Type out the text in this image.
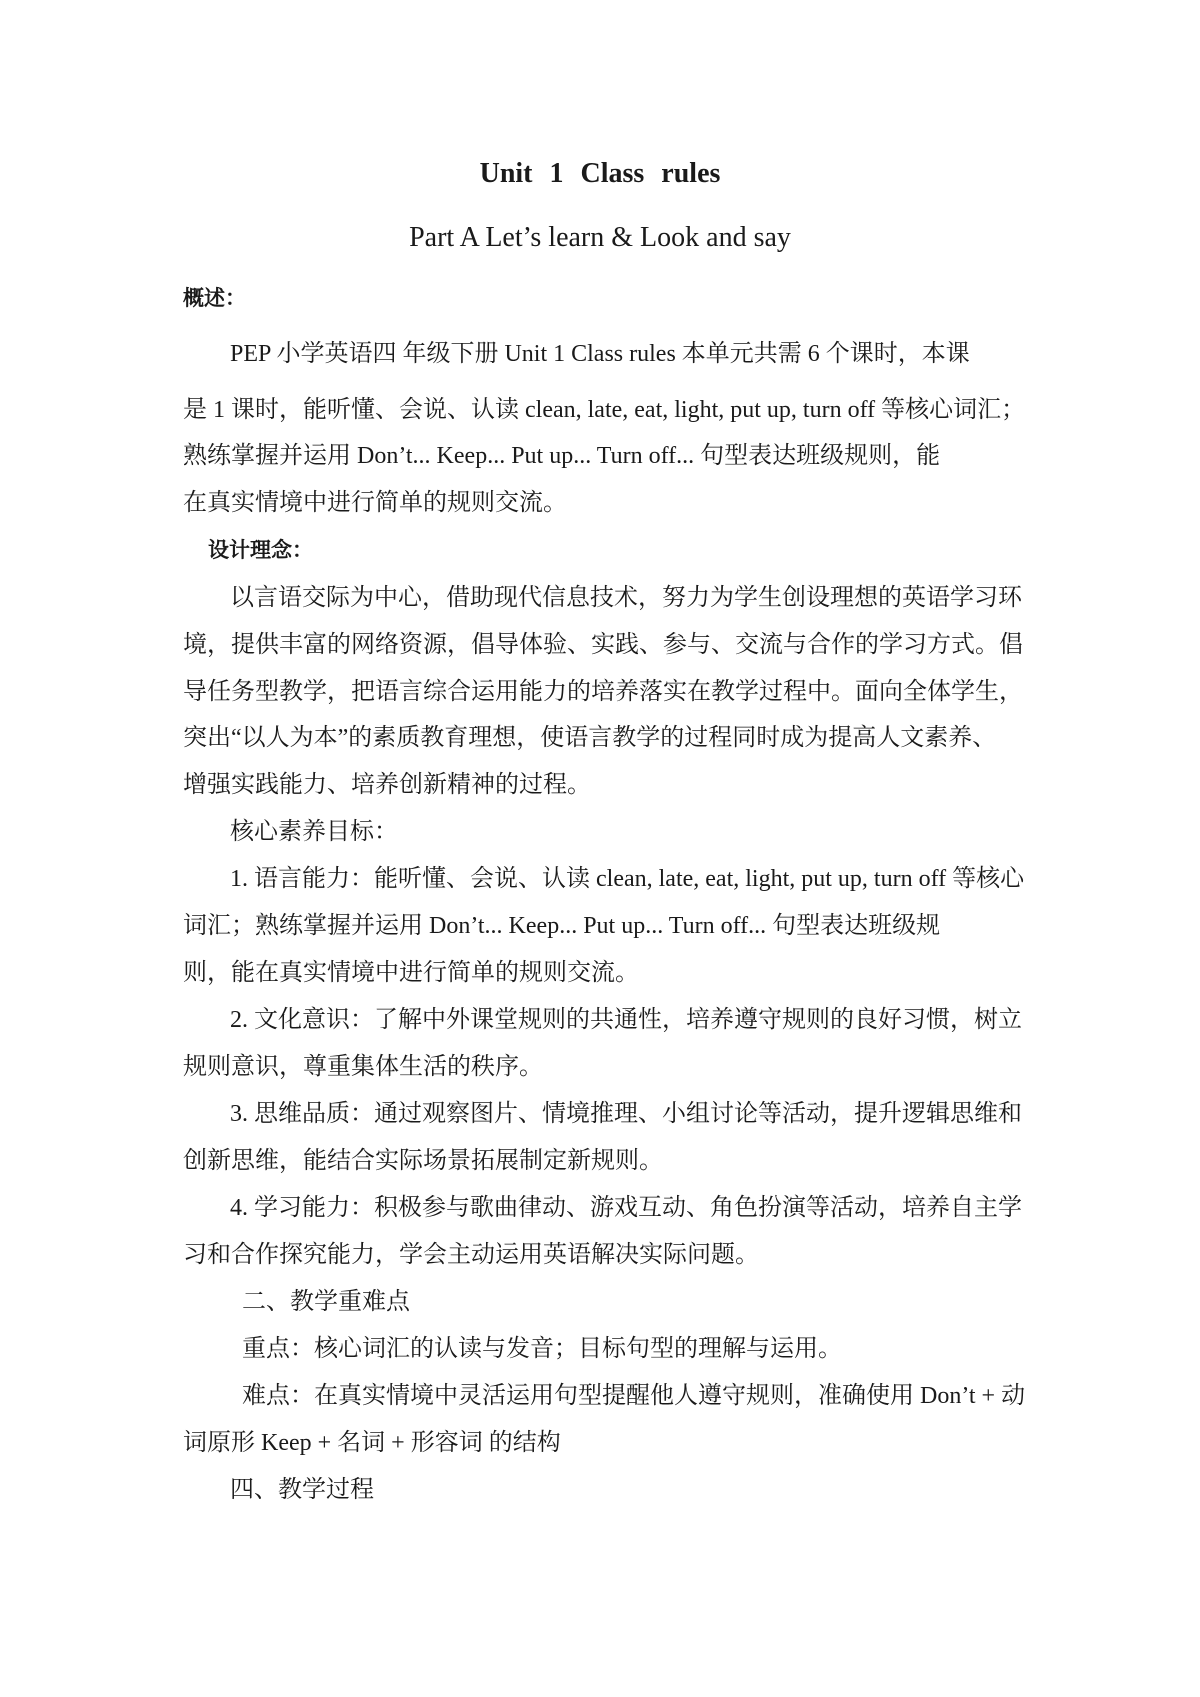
Unit 1 Class rules
Part A Let’s learn & Look and say
概述：
PEP 小学英语四 年级下册 Unit 1 Class rules 本单元共需 6 个课时，本课
是 1 课时，能听懂、会说、认读 clean, late, eat, light, put up, turn off 等核心词汇；
熟练掌握并运用 Don’t... Keep... Put up... Turn off... 句型表达班级规则，能
在真实情境中进行简单的规则交流。
设计理念：
以言语交际为中心，借助现代信息技术，努力为学生创设理想的英语学习环
境，提供丰富的网络资源，倡导体验、实践、参与、交流与合作的学习方式。倡
导任务型教学，把语言综合运用能力的培养落实在教学过程中。面向全体学生，
突出“以人为本”的素质教育理想，使语言教学的过程同时成为提高人文素养、
增强实践能力、培养创新精神的过程。
核心素养目标：
1. 语言能力：能听懂、会说、认读 clean, late, eat, light, put up, turn off 等核心
词汇；熟练掌握并运用 Don’t... Keep... Put up... Turn off... 句型表达班级规
则，能在真实情境中进行简单的规则交流。
2. 文化意识：了解中外课堂规则的共通性，培养遵守规则的良好习惯，树立
规则意识，尊重集体生活的秩序。
3. 思维品质：通过观察图片、情境推理、小组讨论等活动，提升逻辑思维和
创新思维，能结合实际场景拓展制定新规则。
4. 学习能力：积极参与歌曲律动、游戏互动、角色扮演等活动，培养自主学
习和合作探究能力，学会主动运用英语解决实际问题。
二、教学重难点
重点：核心词汇的认读与发音；目标句型的理解与运用。
难点：在真实情境中灵活运用句型提醒他人遵守规则，准确使用 Don’t + 动
词原形 Keep + 名词 + 形容词 的结构
四、教学过程
